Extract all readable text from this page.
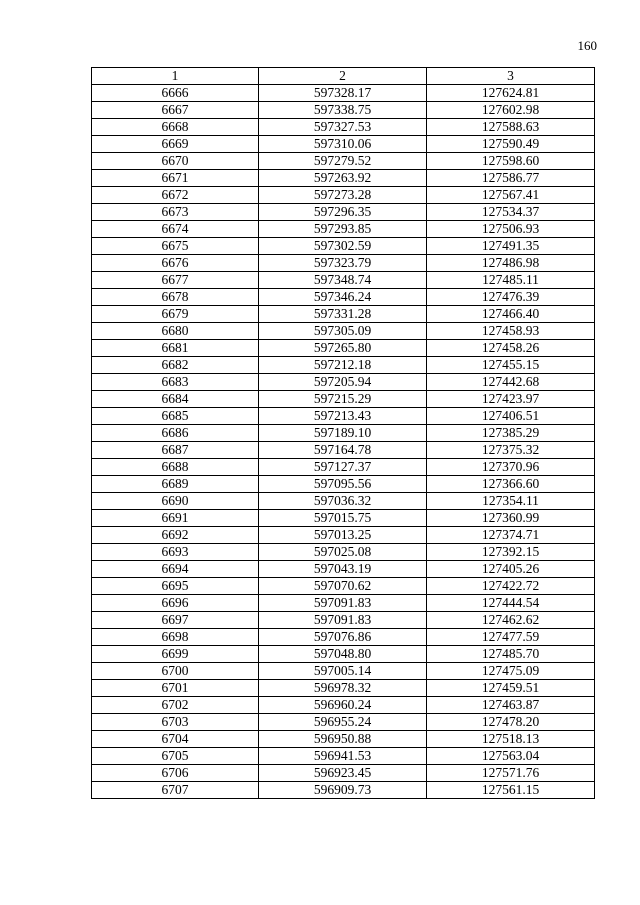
160
1	2	3
6666	597328.17	127624.81
6667	597338.75	127602.98
6668	597327.53	127588.63
6669	597310.06	127590.49
6670	597279.52	127598.60
6671	597263.92	127586.77
6672	597273.28	127567.41
6673	597296.35	127534.37
6674	597293.85	127506.93
6675	597302.59	127491.35
6676	597323.79	127486.98
6677	597348.74	127485.11
6678	597346.24	127476.39
6679	597331.28	127466.40
6680	597305.09	127458.93
6681	597265.80	127458.26
6682	597212.18	127455.15
6683	597205.94	127442.68
6684	597215.29	127423.97
6685	597213.43	127406.51
6686	597189.10	127385.29
6687	597164.78	127375.32
6688	597127.37	127370.96
6689	597095.56	127366.60
6690	597036.32	127354.11
6691	597015.75	127360.99
6692	597013.25	127374.71
6693	597025.08	127392.15
6694	597043.19	127405.26
6695	597070.62	127422.72
6696	597091.83	127444.54
6697	597091.83	127462.62
6698	597076.86	127477.59
6699	597048.80	127485.70
6700	597005.14	127475.09
6701	596978.32	127459.51
6702	596960.24	127463.87
6703	596955.24	127478.20
6704	596950.88	127518.13
6705	596941.53	127563.04
6706	596923.45	127571.76
6707	596909.73	127561.15
